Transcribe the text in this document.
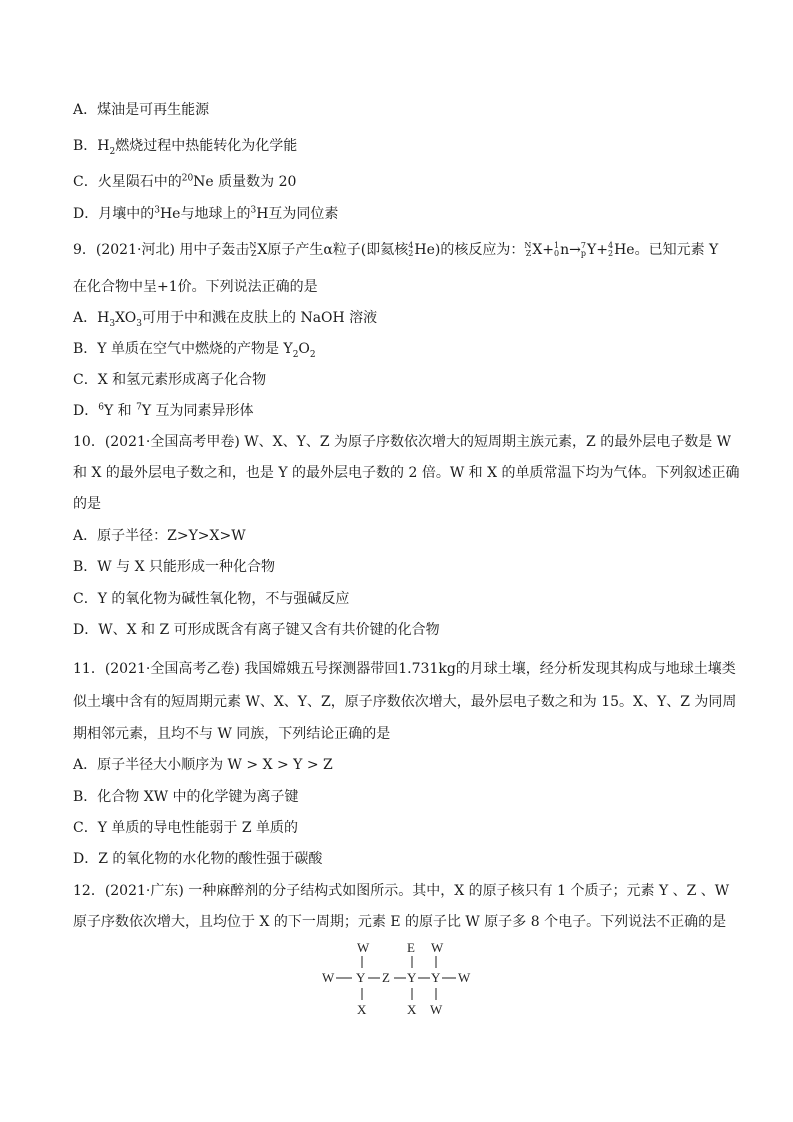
A．煤油是可再生能源
B．$H_2$燃烧过程中热能转化为化学能
C．火星陨石中的$^{20}$Ne 质量数为 20
D．月壤中的$^3$He与地球上的$^3$H互为同位素
9．(2021·河北) 用中子轰击 N
Z X原子产生α粒子(即氦核 4
2 He)的核反应为： N
Z X+ 1
0 n→ 7
p Y+ 4
2 He。已知元素 Y
在化合物中呈+1价。下列说法正确的是
A．$H_3XO_3$可用于中和溅在皮肤上的 NaOH 溶液
B．Y 单质在空气中燃烧的产物是 $Y_2O_2$
C．X 和氢元素形成离子化合物
D．$^6$Y 和 $^7$Y 互为同素异形体
10．(2021·全国高考甲卷) W、X、Y、Z 为原子序数依次增大的短周期主族元素，Z 的最外层电子数是 W
和 X 的最外层电子数之和，也是 Y 的最外层电子数的 2 倍。W 和 X 的单质常温下均为气体。下列叙述正确
的是
A．原子半径：Z>Y>X>W
B．W 与 X 只能形成一种化合物
C．Y 的氧化物为碱性氧化物，不与强碱反应
D．W、X 和 Z 可形成既含有离子键又含有共价键的化合物
11．(2021·全国高考乙卷) 我国嫦娥五号探测器带回1.731kg的月球土壤，经分析发现其构成与地球土壤类
似土壤中含有的短周期元素 W、X、Y、Z，原子序数依次增大，最外层电子数之和为 15。X、Y、Z 为同周
期相邻元素，且均不与 W 同族，下列结论正确的是
A．原子半径大小顺序为 W > X > Y > Z
B．化合物 XW 中的化学键为离子键
C．Y 单质的导电性能弱于 Z 单质的
D．Z 的氧化物的水化物的酸性强于碳酸
12．(2021·广东) 一种麻醉剂的分子结构式如图所示。其中，X 的原子核只有 1 个质子；元素 Y 、Z 、W
原子序数依次增大，且均位于 X 的下一周期；元素 E 的原子比 W 原子多 8 个电子。下列说法不正确的是
W	E W
W Y Z Y Y W
X	X W
